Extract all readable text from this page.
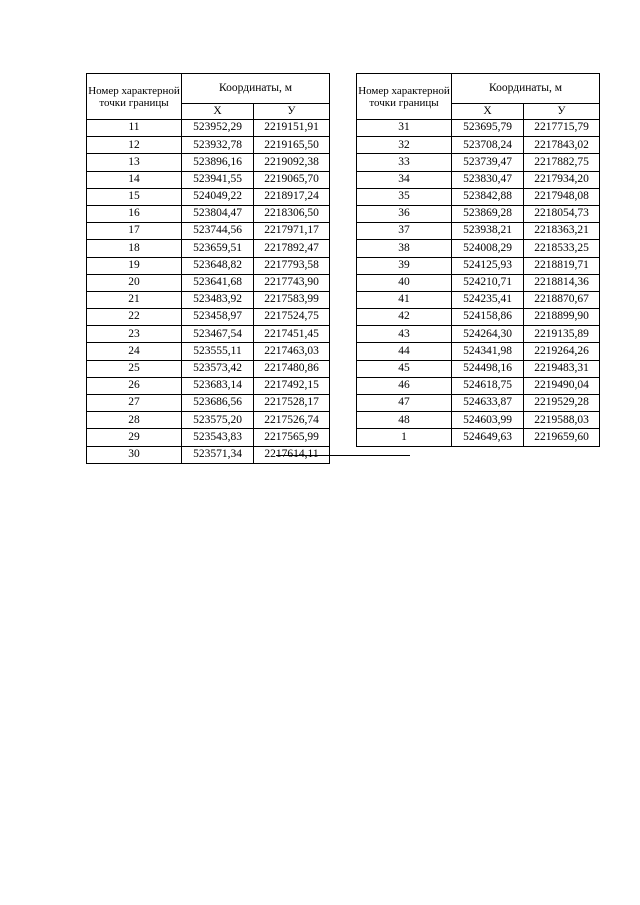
Номер характерной точки границы	Координаты, м	
	Х	У
11	523952,29	2219151,91
12	523932,78	2219165,50
13	523896,16	2219092,38
14	523941,55	2219065,70
15	524049,22	2218917,24
16	523804,47	2218306,50
17	523744,56	2217971,17
18	523659,51	2217892,47
19	523648,82	2217793,58
20	523641,68	2217743,90
21	523483,92	2217583,99
22	523458,97	2217524,75
23	523467,54	2217451,45
24	523555,11	2217463,03
25	523573,42	2217480,86
26	523683,14	2217492,15
27	523686,56	2217528,17
28	523575,20	2217526,74
29	523543,83	2217565,99
30	523571,34	2217614,11
Номер характерной точки границы	Координаты, м	
	Х	У
31	523695,79	2217715,79
32	523708,24	2217843,02
33	523739,47	2217882,75
34	523830,47	2217934,20
35	523842,88	2217948,08
36	523869,28	2218054,73
37	523938,21	2218363,21
38	524008,29	2218533,25
39	524125,93	2218819,71
40	524210,71	2218814,36
41	524235,41	2218870,67
42	524158,86	2218899,90
43	524264,30	2219135,89
44	524341,98	2219264,26
45	524498,16	2219483,31
46	524618,75	2219490,04
47	524633,87	2219529,28
48	524603,99	2219588,03
1	524649,63	2219659,60
